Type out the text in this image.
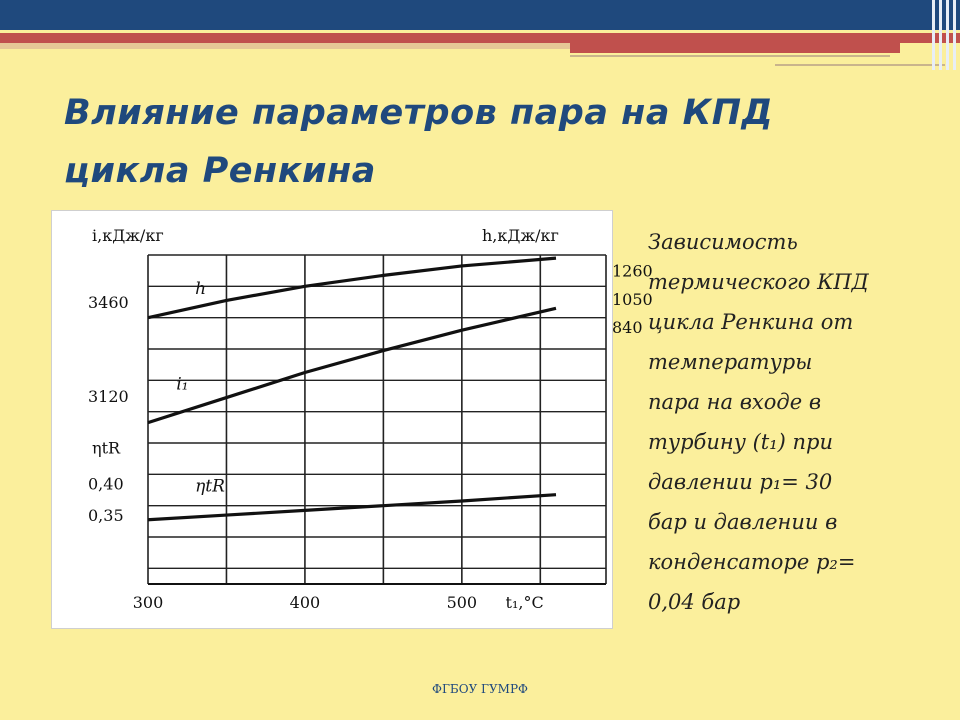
Влияние параметров пара на КПД
цикла Ренкина
i,кДж/кг	h,кДж/кг
ηtR
3460
3120
0,40
0,35
1260
1050
840
300	400	500 t₁,°C
h
i₁
ηtR
Зависимость
термического КПД
цикла Ренкина от
температуры
пара на входе в
турбину (t₁) при
давлении p₁= 30
бар и давлении в
конденсаторе p₂=
0,04 бар
ФГБОУ ГУМРФ
